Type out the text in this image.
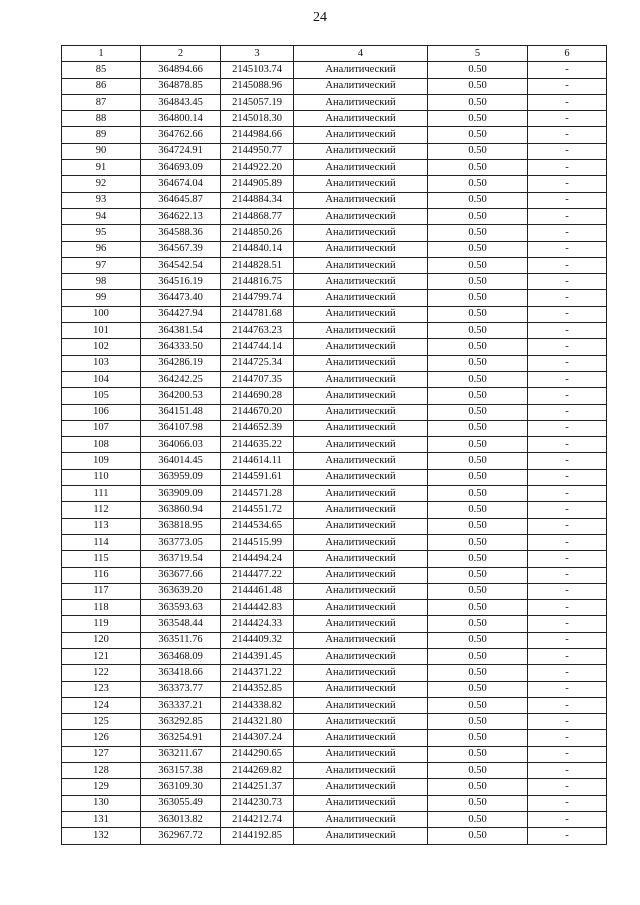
24
1	2	3	4	5	6
85	364894.66	2145103.74	Аналитический	0.50	-
86	364878.85	2145088.96	Аналитический	0.50	-
87	364843.45	2145057.19	Аналитический	0.50	-
88	364800.14	2145018.30	Аналитический	0.50	-
89	364762.66	2144984.66	Аналитический	0.50	-
90	364724.91	2144950.77	Аналитический	0.50	-
91	364693.09	2144922.20	Аналитический	0.50	-
92	364674.04	2144905.89	Аналитический	0.50	-
93	364645.87	2144884.34	Аналитический	0.50	-
94	364622.13	2144868.77	Аналитический	0.50	-
95	364588.36	2144850.26	Аналитический	0.50	-
96	364567.39	2144840.14	Аналитический	0.50	-
97	364542.54	2144828.51	Аналитический	0.50	-
98	364516.19	2144816.75	Аналитический	0.50	-
99	364473.40	2144799.74	Аналитический	0.50	-
100	364427.94	2144781.68	Аналитический	0.50	-
101	364381.54	2144763.23	Аналитический	0.50	-
102	364333.50	2144744.14	Аналитический	0.50	-
103	364286.19	2144725.34	Аналитический	0.50	-
104	364242.25	2144707.35	Аналитический	0.50	-
105	364200.53	2144690.28	Аналитический	0.50	-
106	364151.48	2144670.20	Аналитический	0.50	-
107	364107.98	2144652.39	Аналитический	0.50	-
108	364066.03	2144635.22	Аналитический	0.50	-
109	364014.45	2144614.11	Аналитический	0.50	-
110	363959.09	2144591.61	Аналитический	0.50	-
111	363909.09	2144571.28	Аналитический	0.50	-
112	363860.94	2144551.72	Аналитический	0.50	-
113	363818.95	2144534.65	Аналитический	0.50	-
114	363773.05	2144515.99	Аналитический	0.50	-
115	363719.54	2144494.24	Аналитический	0.50	-
116	363677.66	2144477.22	Аналитический	0.50	-
117	363639.20	2144461.48	Аналитический	0.50	-
118	363593.63	2144442.83	Аналитический	0.50	-
119	363548.44	2144424.33	Аналитический	0.50	-
120	363511.76	2144409.32	Аналитический	0.50	-
121	363468.09	2144391.45	Аналитический	0.50	-
122	363418.66	2144371.22	Аналитический	0.50	-
123	363373.77	2144352.85	Аналитический	0.50	-
124	363337.21	2144338.82	Аналитический	0.50	-
125	363292.85	2144321.80	Аналитический	0.50	-
126	363254.91	2144307.24	Аналитический	0.50	-
127	363211.67	2144290.65	Аналитический	0.50	-
128	363157.38	2144269.82	Аналитический	0.50	-
129	363109.30	2144251.37	Аналитический	0.50	-
130	363055.49	2144230.73	Аналитический	0.50	-
131	363013.82	2144212.74	Аналитический	0.50	-
132	362967.72	2144192.85	Аналитический	0.50	-
